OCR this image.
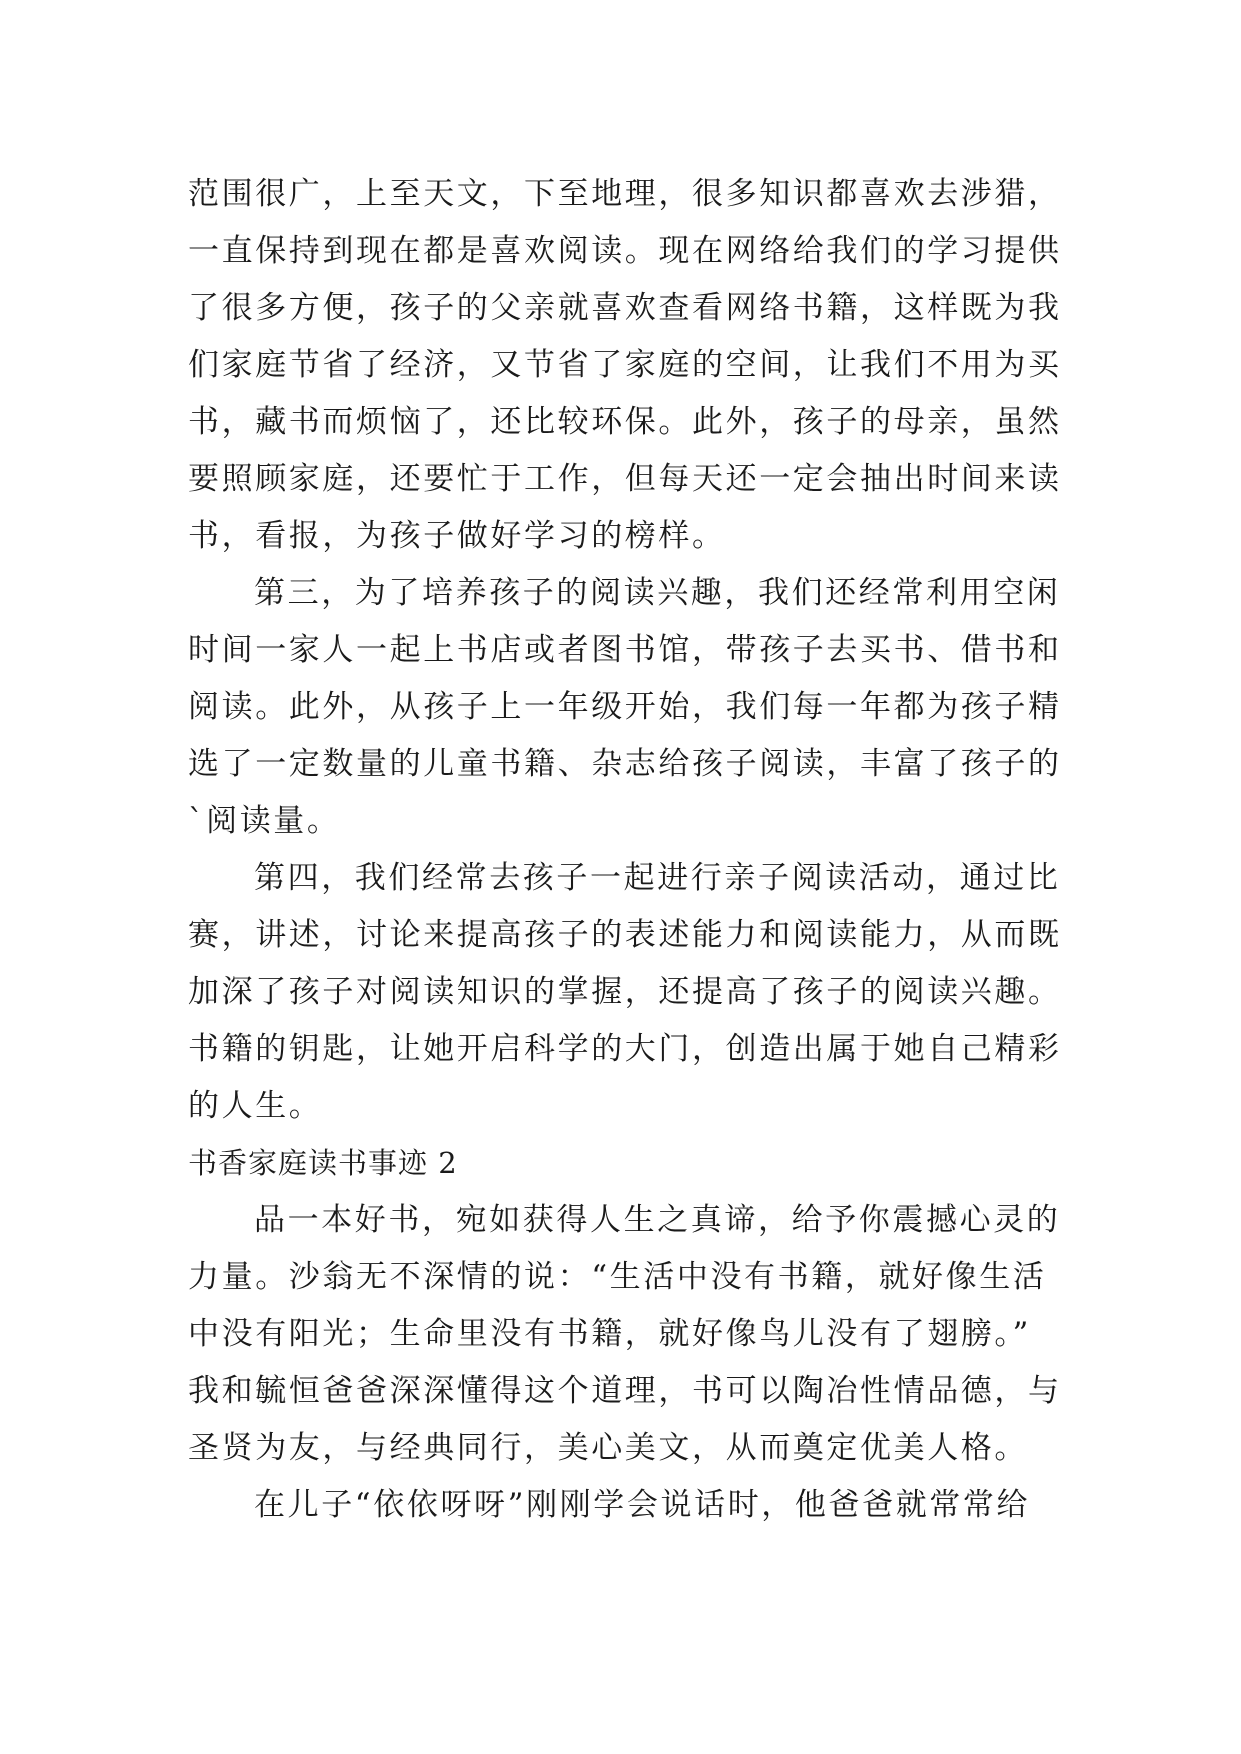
范围很广，上至天文，下至地理，很多知识都喜欢去涉猎，
一直保持到现在都是喜欢阅读。现在网络给我们的学习提供
了很多方便，孩子的父亲就喜欢查看网络书籍，这样既为我
们家庭节省了经济，又节省了家庭的空间，让我们不用为买
书，藏书而烦恼了，还比较环保。此外，孩子的母亲，虽然
要照顾家庭，还要忙于工作，但每天还一定会抽出时间来读
书，看报，为孩子做好学习的榜样。
第三，为了培养孩子的阅读兴趣，我们还经常利用空闲
时间一家人一起上书店或者图书馆，带孩子去买书、借书和
阅读。此外，从孩子上一年级开始，我们每一年都为孩子精
选了一定数量的儿童书籍、杂志给孩子阅读，丰富了孩子的
`阅读量。
第四，我们经常去孩子一起进行亲子阅读活动，通过比
赛，讲述，讨论来提高孩子的表述能力和阅读能力，从而既
加深了孩子对阅读知识的掌握，还提高了孩子的阅读兴趣。
书籍的钥匙，让她开启科学的大门，创造出属于她自己精彩
的人生。
书香家庭读书事迹 2
品一本好书，宛如获得人生之真谛，给予你震撼心灵的
力量。沙翁无不深情的说：“生活中没有书籍，就好像生活
中没有阳光；生命里没有书籍，就好像鸟儿没有了翅膀。”
我和毓恒爸爸深深懂得这个道理，书可以陶冶性情品德，与
圣贤为友，与经典同行，美心美文，从而奠定优美人格。
在儿子“依依呀呀”刚刚学会说话时，他爸爸就常常给
